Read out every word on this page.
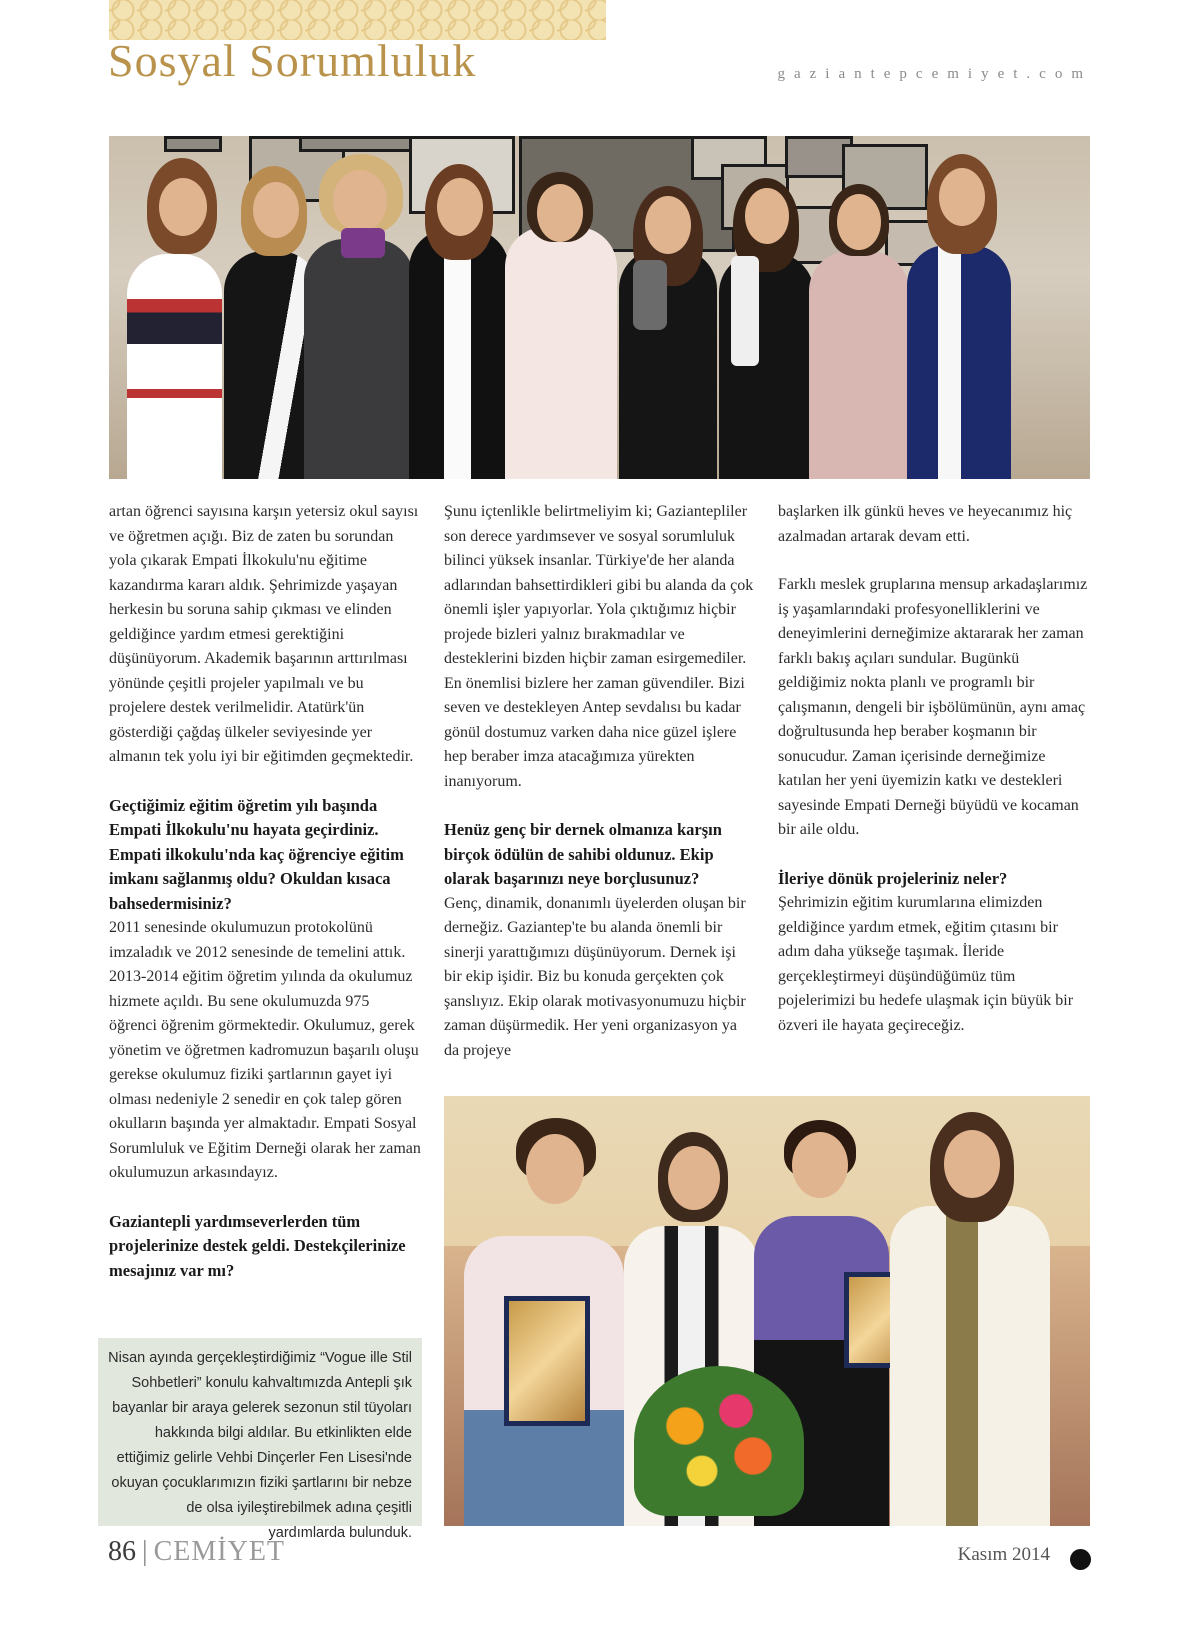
Sosyal Sorumluluk	gaziantepcemiyet.com

artan öğrenci sayısına karşın yetersiz okul sayısı ve öğretmen açığı. Biz de zaten bu sorundan yola çıkarak Empati İlkokulu'nu eğitime kazandırma kararı aldık. Şehrimizde yaşayan herkesin bu soruna sahip çıkması ve elinden geldiğince yardım etmesi gerektiğini düşünüyorum. Akademik başarının arttırılması yönünde çeşitli projeler yapılmalı ve bu projelere destek verilmelidir. Atatürk'ün gösterdiği çağdaş ülkeler seviyesinde yer almanın tek yolu iyi bir eğitimden geçmektedir.

Geçtiğimiz eğitim öğretim yılı başında Empati İlkokulu'nu hayata geçirdiniz. Empati ilkokulu'nda kaç öğrenciye eğitim imkanı sağlanmış oldu? Okuldan kısaca bahsedermisiniz?

2011 senesinde okulumuzun protokolünü imzaladık ve 2012 senesinde de temelini attık. 2013-2014 eğitim öğretim yılında da okulumuz hizmete açıldı. Bu sene okulumuzda 975 öğrenci öğrenim görmektedir. Okulumuz, gerek yönetim ve öğretmen kadromuzun başarılı oluşu gerekse okulumuz fiziki şartlarının gayet iyi olması nedeniyle 2 senedir en çok talep gören okulların başında yer almaktadır. Empati Sosyal Sorumluluk ve Eğitim Derneği olarak her zaman okulumuzun arkasındayız.

Gaziantepli yardımseverlerden tüm projelerinize destek geldi. Destekçilerinize mesajınız var mı?

Şunu içtenlikle belirtmeliyim ki; Gaziantepliler son derece yardımsever ve sosyal sorumluluk bilinci yüksek insanlar. Türkiye'de her alanda adlarından bahsettirdikleri gibi bu alanda da çok önemli işler yapıyorlar. Yola çıktığımız hiçbir projede bizleri yalnız bırakmadılar ve desteklerini bizden hiçbir zaman esirgemediler. En önemlisi bizlere her zaman güvendiler. Bizi seven ve destekleyen Antep sevdalısı bu kadar gönül dostumuz varken daha nice güzel işlere hep beraber imza atacağımıza yürekten inanıyorum.

Henüz genç bir dernek olmanıza karşın birçok ödülün de sahibi oldunuz. Ekip olarak başarınızı neye borçlusunuz?

Genç, dinamik, donanımlı üyelerden oluşan bir derneğiz. Gaziantep'te bu alanda önemli bir sinerji yarattığımızı düşünüyorum. Dernek işi bir ekip işidir. Biz bu konuda gerçekten çok şanslıyız. Ekip olarak motivasyonumuzu hiçbir zaman düşürmedik. Her yeni organizasyon ya da projeye

başlarken ilk günkü heves ve heyecanımız hiç azalmadan artarak devam etti.

Farklı meslek gruplarına mensup arkadaşlarımız iş yaşamlarındaki profesyonelliklerini ve deneyimlerini derneğimize aktararak her zaman farklı bakış açıları sundular. Bugünkü geldiğimiz nokta planlı ve programlı bir çalışmanın, dengeli bir işbölümünün, aynı amaç doğrultusunda hep beraber koşmanın bir sonucudur. Zaman içerisinde derneğimize katılan her yeni üyemizin katkı ve destekleri sayesinde Empati Derneği büyüdü ve kocaman bir aile oldu.

İleriye dönük projeleriniz neler?

Şehrimizin eğitim kurumlarına elimizden geldiğince yardım etmek, eğitim çıtasını bir adım daha yükseğe taşımak. İleride gerçekleştirmeyi düşündüğümüz tüm pojelerimizi bu hedefe ulaşmak için büyük bir özveri ile hayata geçireceğiz.

Nisan ayında gerçekleştirdiğimiz “Vogue ille Stil Sohbetleri” konulu kahvaltımızda Antepli şık bayanlar bir araya gelerek sezonun stil tüyoları hakkında bilgi aldılar. Bu etkinlikten elde ettiğimiz gelirle Vehbi Dinçerler Fen Lisesi'nde okuyan çocuklarımızın fiziki şartlarını bir nebze de olsa iyileştirebilmek adına çeşitli yardımlarda bulunduk.
86 | CEMİYET	Kasım 2014
